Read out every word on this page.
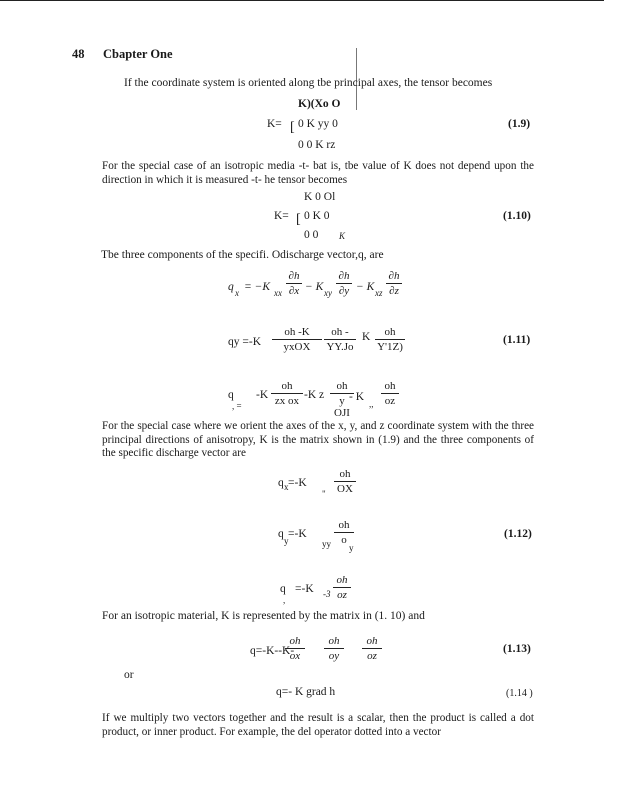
48 Cbapter One
If the coordinate system is oriented along tbe principal axes, the tensor becomes
K)(Xo O
K= [ 0 K yy 0
0 0 K rz
(1.9)
For the special case of an isotropic media -t- bat is, tbe value of K does not depend upon the direction in which it is measured -t- he tensor becomes
K 0 Ol
K= [ 0 K 0
0 0 K
(1.10)
Tbe three components of the specifi. Odischarge vector,q, are
q x = −K xx $\frac{\partial h}{\partial x} - K$ xy $\frac{\partial h}{\partial y} - K$ xz $\frac{\partial h}{\partial z}$
qy =-K
oh -K
yxOX	$\frac{oh -}{YY.Jo}$ K $\frac{oh}{Y'1Z)}$	(1.11)
q
, =
$-K \frac{oh}{\text{zx ox}} -K$ z
oh
y OJI
- K
,, $\frac{oh}{oz}$
For the special case where we orient the axes of the x, y, and z coordinate system with the three principal directions of anisotropy, K is the matrix shown in (1.9) and the three components of the specific discharge vector are
q x =-K
" $\frac{oh}{OX}$
q
y
=-K
yy $\frac{oh}{o}$
y
(1.12)
q
,
=-K $-3 \frac{oh}{oz}$
For an isotropic material, K is represented by the matrix in (1. 10) and
q=-K--K-
$\frac{oh}{ox} \frac{oh}{oy} \frac{oh}{oz}$	(1.13)
or
q=- K grad h	(1.14 )
If we multiply two vectors together and the result is a scalar, then the product is called a dot product, or inner product. For example, the del operator dotted into a vector
